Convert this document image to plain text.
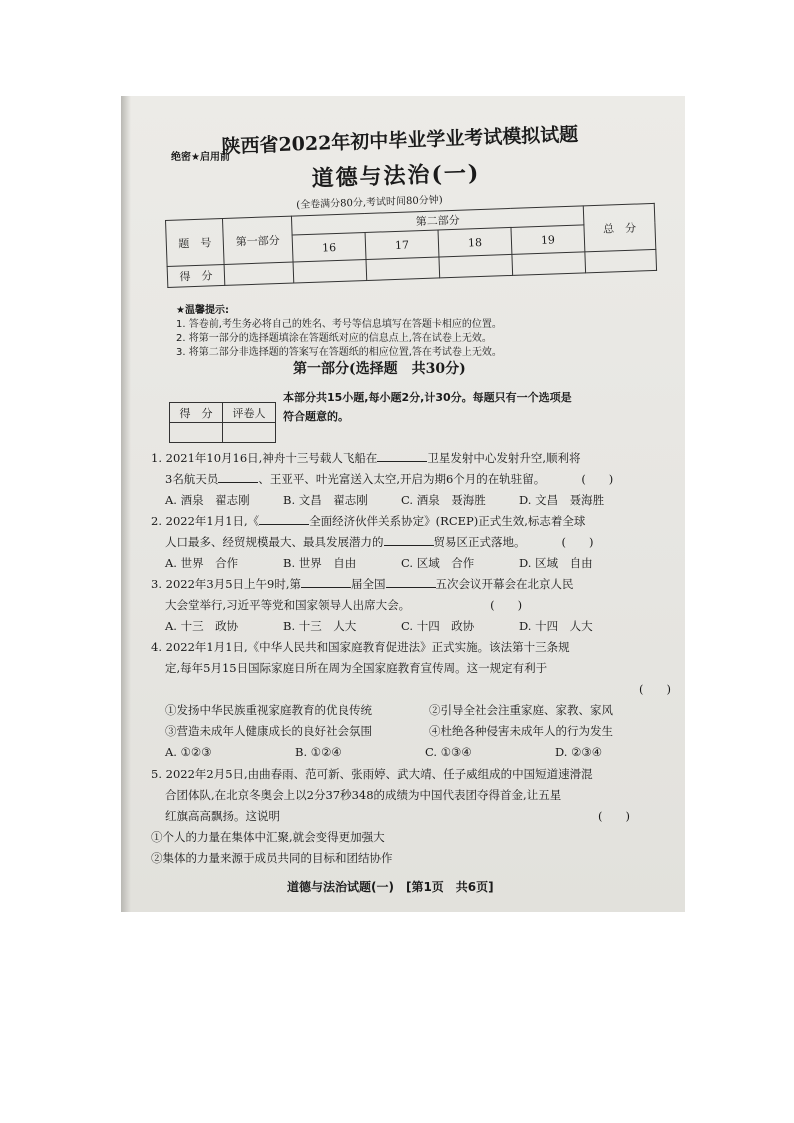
绝密★启用前
陕西省2022年初中毕业学业考试模拟试题
道德与法治(一)
(全卷满分80分,考试时间80分钟)
题　号	第一部分	第二部分				总　分
		16	17	18	19	
得　分						
★温馨提示:
1. 答卷前,考生务必将自己的姓名、考号等信息填写在答题卡相应的位置。
2. 将第一部分的选择题填涂在答题纸对应的信息点上,答在试卷上无效。
3. 将第二部分非选择题的答案写在答题纸的相应位置,答在考试卷上无效。
第一部分(选择题　共30分)
得　分	评卷人

本部分共15小题,每小题2分,计30分。每题只有一个选项是
符合题意的。
1. 2021年10月16日,神舟十三号载人飞船在	卫星发射中心发射升空,顺利将
3名航天员	、王亚平、叶光富送入太空,开启为期6个月的在轨驻留。	(　　)
A. 酒泉　翟志刚	B. 文昌　翟志刚	C. 酒泉　聂海胜	D. 文昌　聂海胜
2. 2022年1月1日,《	全面经济伙伴关系协定》(RCEP)正式生效,标志着全球
人口最多、经贸规模最大、最具发展潜力的	贸易区正式落地。	(　　)
A. 世界　合作	B. 世界　自由	C. 区域　合作	D. 区域　自由
3. 2022年3月5日上午9时,第	届全国	五次会议开幕会在北京人民
大会堂举行,习近平等党和国家领导人出席大会。	(　　)
A. 十三　政协	B. 十三　人大	C. 十四　政协	D. 十四　人大
4. 2022年1月1日,《中华人民共和国家庭教育促进法》正式实施。该法第十三条规
定,每年5月15日国际家庭日所在周为全国家庭教育宣传周。这一规定有利于
(　　)
①发扬中华民族重视家庭教育的优良传统	②引导全社会注重家庭、家教、家风
③营造未成年人健康成长的良好社会氛围	④杜绝各种侵害未成年人的行为发生
A. ①②③	B. ①②④	C. ①③④	D. ②③④
5. 2022年2月5日,由曲春雨、范可新、张雨婷、武大靖、任子威组成的中国短道速滑混
合团体队,在北京冬奥会上以2分37秒348的成绩为中国代表团夺得首金,让五星
红旗高高飘扬。这说明	(　　)
①个人的力量在集体中汇聚,就会变得更加强大
②集体的力量来源于成员共同的目标和团结协作
道德与法治试题(一)　[第1页　共6页]
